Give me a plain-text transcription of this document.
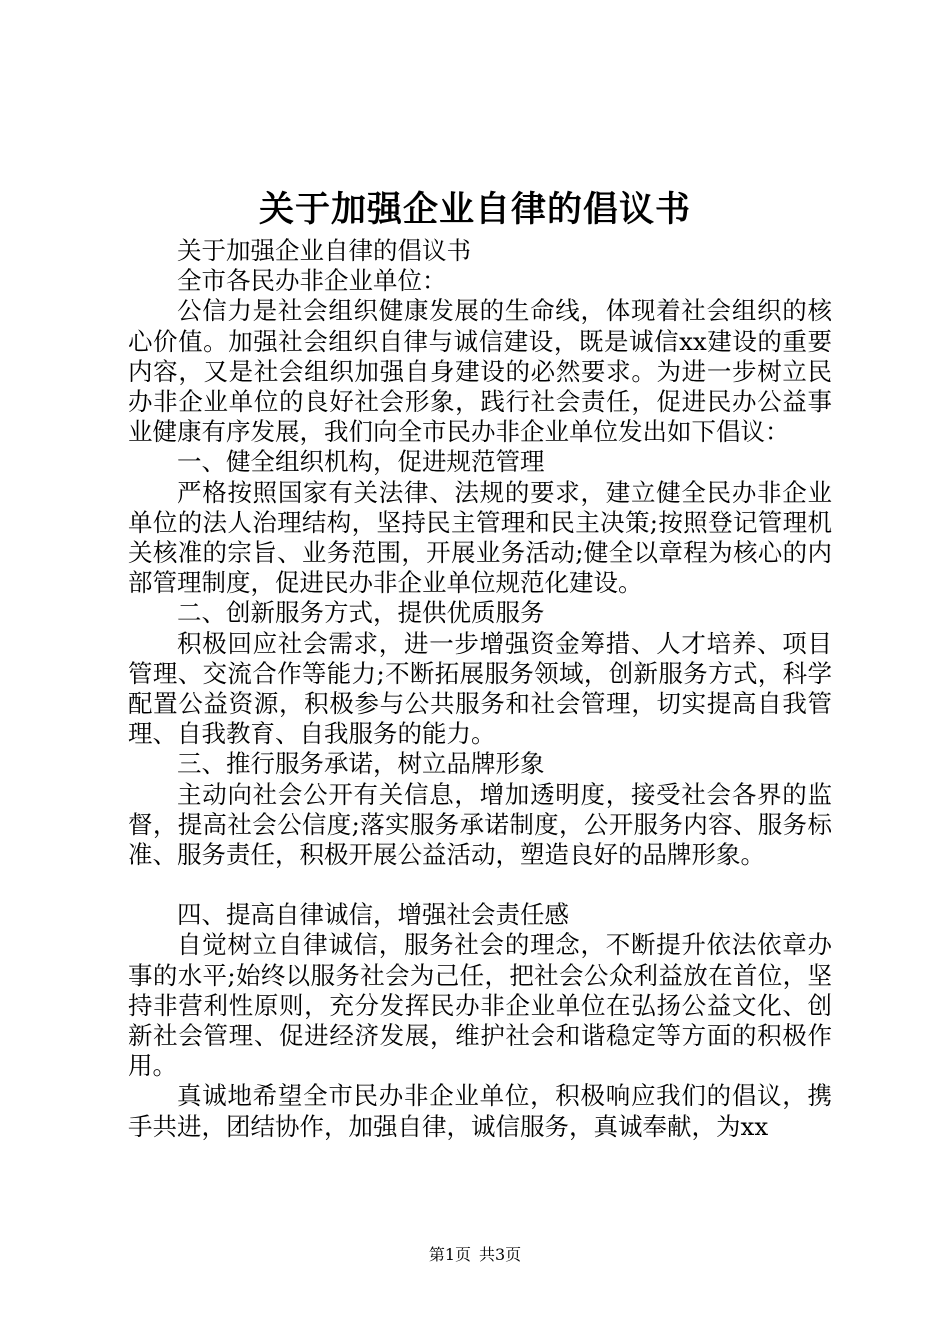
关于加强企业自律的倡议书

关于加强企业自律的倡议书

全市各民办非企业单位：

公信力是社会组织健康发展的生命线，体现着社会组织的核心价值。加强社会组织自律与诚信建设，既是诚信xx建设的重要内容，又是社会组织加强自身建设的必然要求。为进一步树立民办非企业单位的良好社会形象，践行社会责任，促进民办公益事业健康有序发展，我们向全市民办非企业单位发出如下倡议：

一、健全组织机构，促进规范管理

严格按照国家有关法律、法规的要求，建立健全民办非企业单位的法人治理结构，坚持民主管理和民主决策;按照登记管理机关核准的宗旨、业务范围，开展业务活动;健全以章程为核心的内部管理制度，促进民办非企业单位规范化建设。

二、创新服务方式，提供优质服务

积极回应社会需求，进一步增强资金筹措、人才培养、项目管理、交流合作等能力;不断拓展服务领域，创新服务方式，科学配置公益资源，积极参与公共服务和社会管理，切实提高自我管理、自我教育、自我服务的能力。

三、推行服务承诺，树立品牌形象

主动向社会公开有关信息，增加透明度，接受社会各界的监督，提高社会公信度;落实服务承诺制度，公开服务内容、服务标准、服务责任，积极开展公益活动，塑造良好的品牌形象。

四、提高自律诚信，增强社会责任感

自觉树立自律诚信，服务社会的理念，不断提升依法依章办事的水平;始终以服务社会为己任，把社会公众利益放在首位，坚持非营利性原则，充分发挥民办非企业单位在弘扬公益文化、创新社会管理、促进经济发展，维护社会和谐稳定等方面的积极作用。

真诚地希望全市民办非企业单位，积极响应我们的倡议，携手共进，团结协作，加强自律，诚信服务，真诚奉献，为xx

第1页 共3页
